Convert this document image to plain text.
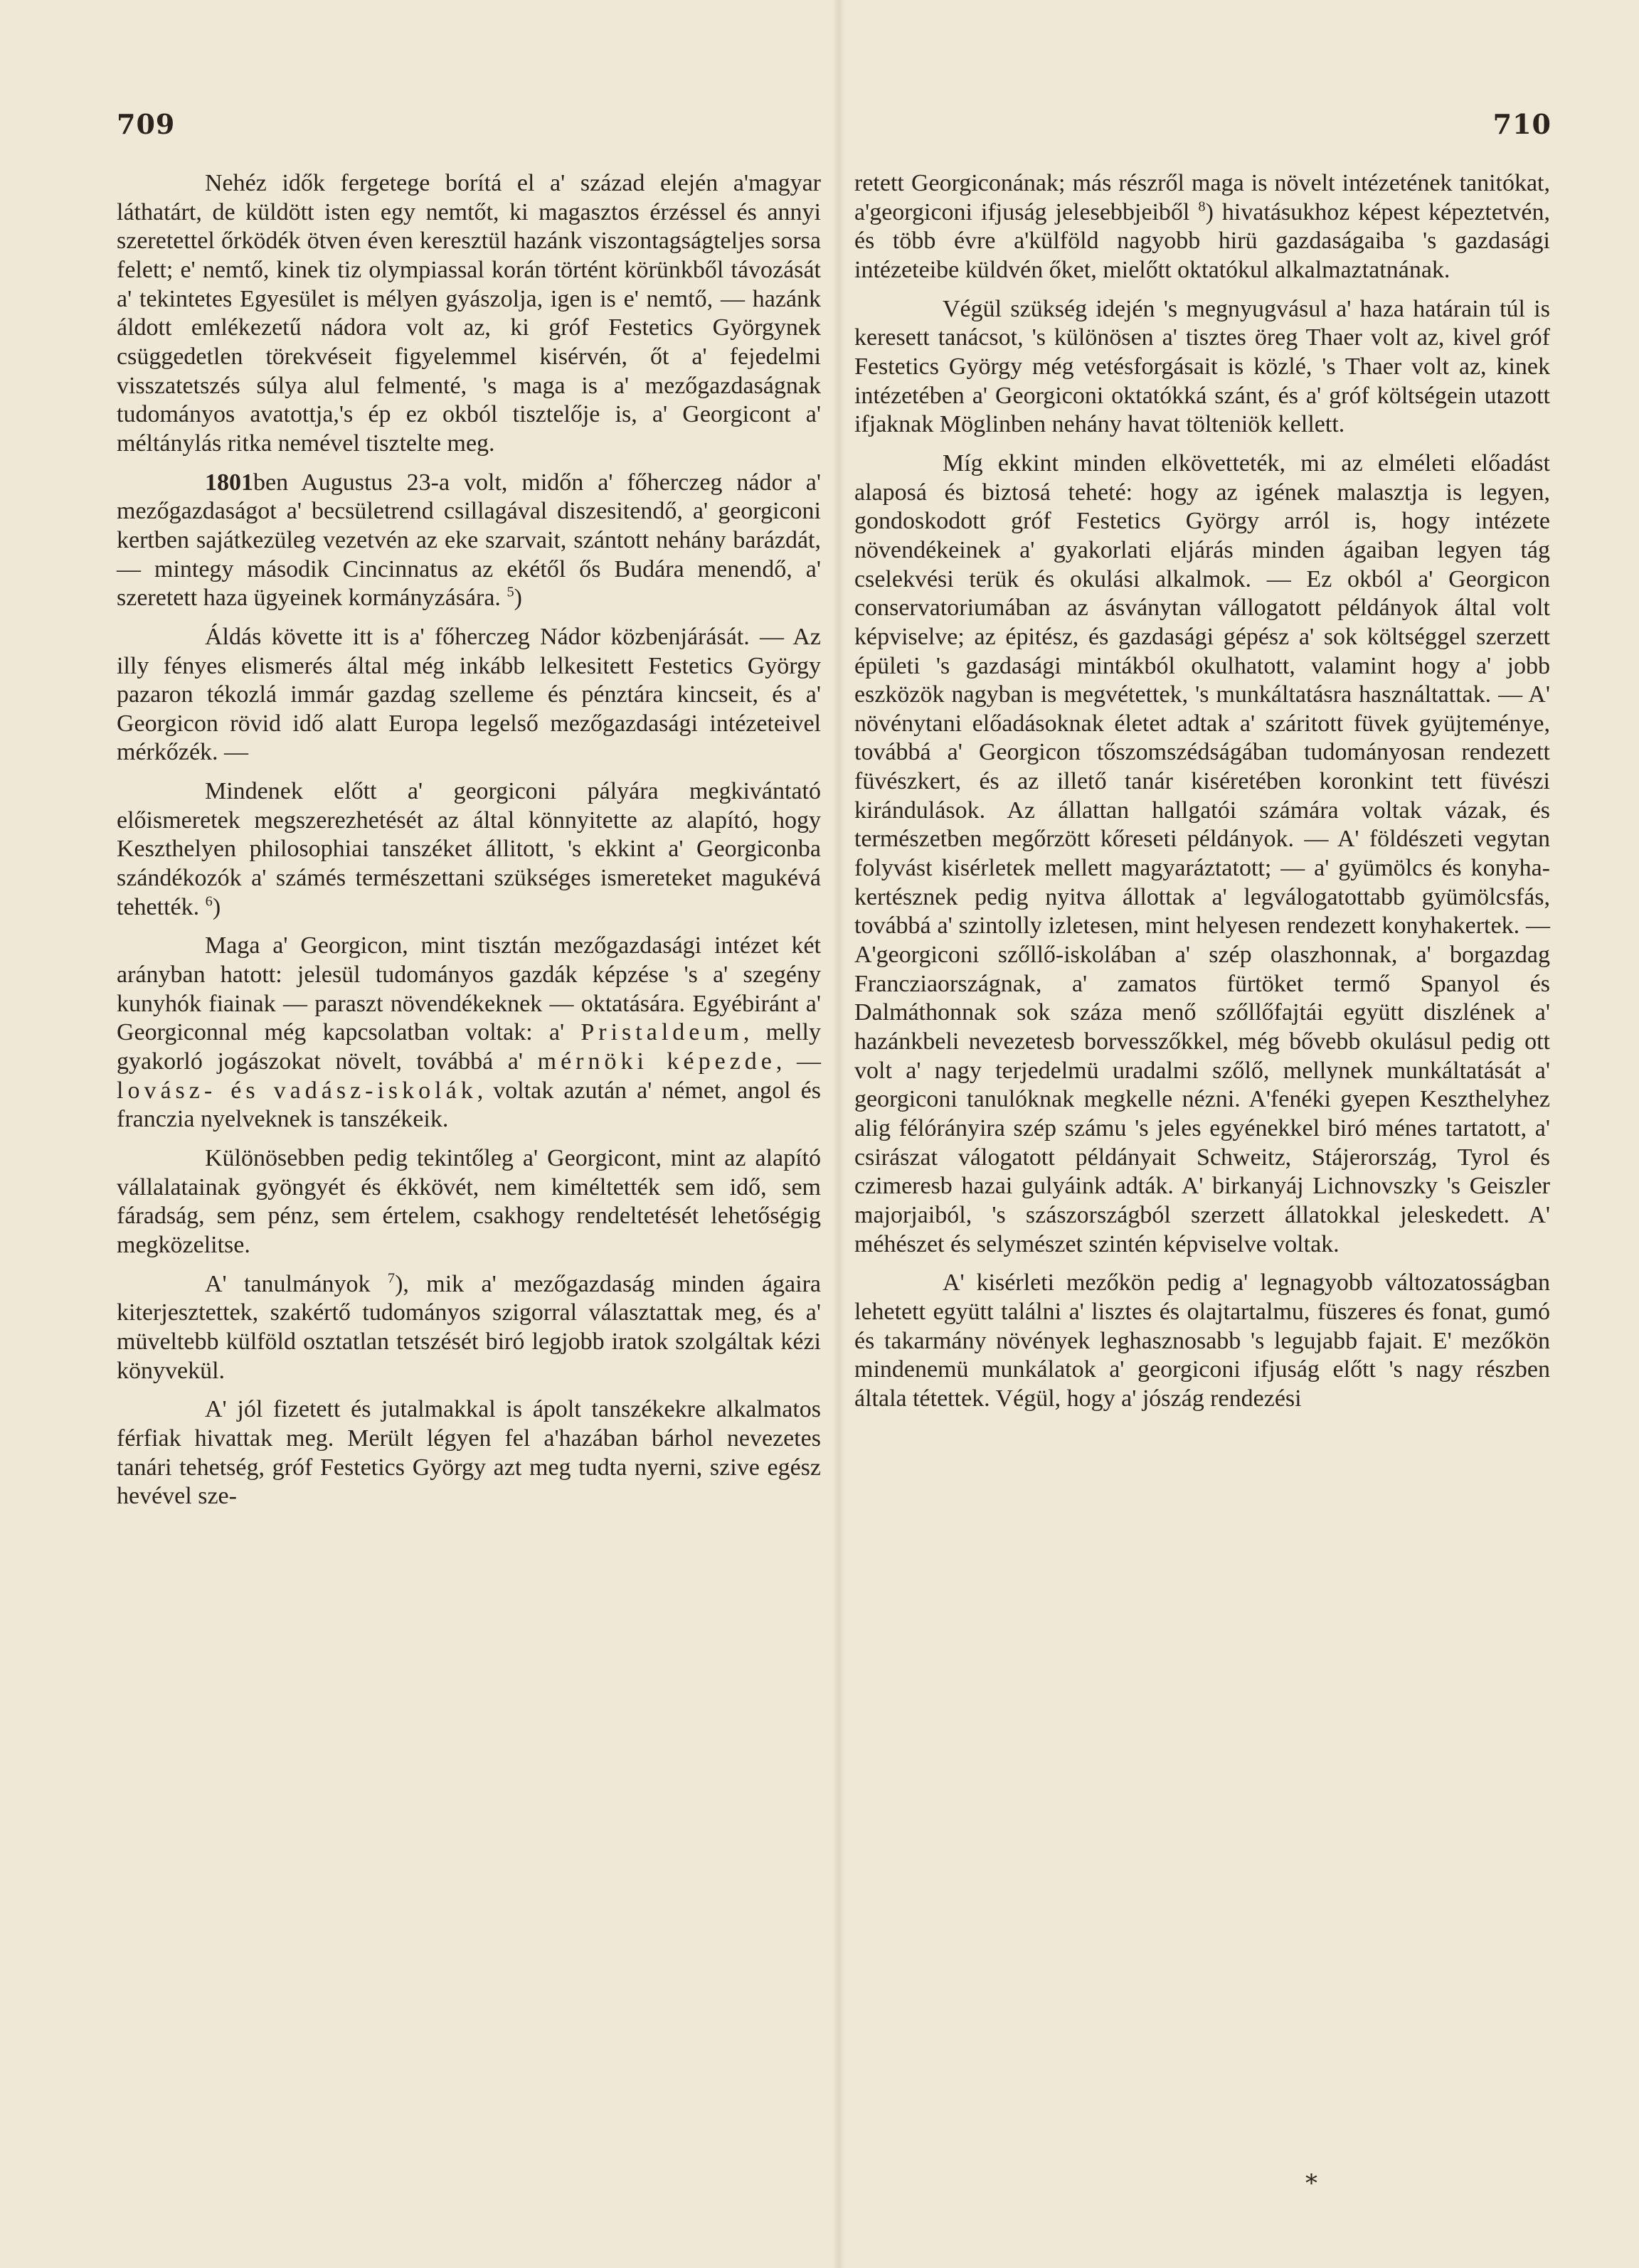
709	710

Nehéz idők fergetege borítá el a' század elején a'magyar láthatárt, de küldött isten egy nemtőt, ki magasztos érzéssel és annyi szeretettel őrködék ötven éven keresztül hazánk viszontagságteljes sorsa felett; e' nemtő, kinek tiz olympiassal korán történt körünkből távozását a' tekintetes Egyesület is mélyen gyászolja, igen is e' nemtő, — hazánk áldott emlékezetű nádora volt az, ki gróf Festetics Györgynek csüggedetlen törekvéseit figyelemmel kisérvén, őt a' fejedelmi visszatetszés súlya alul felmenté, 's maga is a' mezőgazdaságnak tudományos avatottja,'s ép ez okból tisztelője is, a' Georgicont a' méltánylás ritka nemével tisztelte meg.

1801ben Augustus 23-a volt, midőn a' főherczeg nádor a' mezőgazdaságot a' becsületrend csillagával diszesitendő, a' georgiconi kertben sajátkezüleg vezetvén az eke szarvait, szántott nehány barázdát,— mintegy második Cincinnatus az ekétől ős Budára menendő, a' szeretett haza ügyeinek kormányzására. $^5$)

Áldás követte itt is a' főherczeg Nádor közbenjárását. — Az illy fényes elismerés által még inkább lelkesitett Festetics György pazaron tékozlá immár gazdag szelleme és pénztára kincseit, és a' Georgicon rövid idő alatt Europa legelső mezőgazdasági intézeteivel mérkőzék. —

Mindenek előtt a' georgiconi pályára megkivántató előismeretek megszerezhetését az által könnyitette az alapító, hogy Keszthelyen philosophiai tanszéket állitott, 's ekkint a' Georgiconba szándékozók a' számés természettani szükséges ismereteket magukévá tehették. $^6$)

Maga a' Georgicon, mint tisztán mezőgazdasági intézet két arányban hatott: jelesül tudományos gazdák képzése 's a' szegény kunyhók fiainak — paraszt növendékeknek — oktatására. Egyébiránt a' Georgiconnal még kapcsolatban voltak: a' Pristaldeum, melly gyakorló jogászokat növelt, továbbá a' mérnöki képezde, — lovász- és vadász-iskolák, voltak azután a' német, angol és franczia nyelveknek is tanszékeik.

Különösebben pedig tekintőleg a' Georgicont, mint az alapító vállalatainak gyöngyét és ékkövét, nem kiméltették sem idő, sem fáradság, sem pénz, sem értelem, csakhogy rendeltetését lehetőségig megközelitse.

A' tanulmányok $^7$), mik a' mezőgazdaság minden ágaira kiterjesztettek, szakértő tudományos szigorral választattak meg, és a' müveltebb külföld osztatlan tetszését biró legjobb iratok szolgáltak kézi könyvekül.

A' jól fizetett és jutalmakkal is ápolt tanszékekre alkalmatos férfiak hivattak meg. Merült légyen fel a'hazában bárhol nevezetes tanári tehetség, gróf Festetics György azt meg tudta nyerni, szive egész hevével sze-

retett Georgiconának; más részről maga is növelt intézetének tanitókat, a'georgiconi ifjuság jelesebbjeiből $^8$) hivatásukhoz képest képeztetvén, és több évre a'külföld nagyobb hirü gazdaságaiba 's gazdasági intézeteibe küldvén őket, mielőtt oktatókul alkalmaztatnának.

Végül szükség idején 's megnyugvásul a' haza határain túl is keresett tanácsot, 's különösen a' tisztes öreg Thaer volt az, kivel gróf Festetics György még vetésforgásait is közlé, 's Thaer volt az, kinek intézetében a' Georgiconi oktatókká szánt, és a' gróf költségein utazott ifjaknak Möglinben nehány havat tölteniök kellett.

Míg ekkint minden elkövetteték, mi az elméleti előadást alaposá és biztosá teheté: hogy az igének malasztja is legyen, gondoskodott gróf Festetics György arról is, hogy intézete növendékeinek a' gyakorlati eljárás minden ágaiban legyen tág cselekvési terük és okulási alkalmok. — Ez okból a' Georgicon conservatoriumában az ásványtan vállogatott példányok által volt képviselve; az épitész, és gazdasági gépész a' sok költséggel szerzett épületi 's gazdasági mintákból okulhatott, valamint hogy a' jobb eszközök nagyban is megvétettek, 's munkáltatásra használtattak. — A' növénytani előadásoknak életet adtak a' száritott füvek gyüjteménye, továbbá a' Georgicon tőszomszédságában tudományosan rendezett füvészkert, és az illető tanár kiséretében koronkint tett füvészi kirándulások. Az állattan hallgatói számára voltak vázak, és természetben megőrzött kőreseti példányok. — A' földészeti vegytan folyvást kisérletek mellett magyaráztatott; — a' gyümölcs és konyha-kertésznek pedig nyitva állottak a' legválogatottabb gyümölcsfás, továbbá a' szintolly izletesen, mint helyesen rendezett konyhakertek. — A'georgiconi szőllő-iskolában a' szép olaszhonnak, a' borgazdag Francziaországnak, a' zamatos fürtöket termő Spanyol és Dalmáthonnak sok száza menő szőllőfajtái együtt diszlének a' hazánkbeli nevezetesb borvesszőkkel, még bővebb okulásul pedig ott volt a' nagy terjedelmü uradalmi szőlő, mellynek munkáltatását a' georgiconi tanulóknak megkelle nézni. A'fenéki gyepen Keszthelyhez alig félórányira szép számu 's jeles egyénekkel biró ménes tartatott, a' csirászat válogatott példányait Schweitz, Stájerország, Tyrol és czimeresb hazai gulyáink adták. A' birkanyáj Lichnovszky 's Geiszler majorjaiból, 's szászországból szerzett állatokkal jeleskedett. A' méhészet és selymészet szintén képviselve voltak.

A' kisérleti mezőkön pedig a' legnagyobb változatosságban lehetett együtt találni a' lisztes és olajtartalmu, füszeres és fonat, gumó és takarmány növények leghasznosabb 's legujabb fajait. E' mezőkön mindenemü munkálatok a' georgiconi ifjuság előtt 's nagy részben általa tétettek. Végül, hogy a' jószág rendezési

*
